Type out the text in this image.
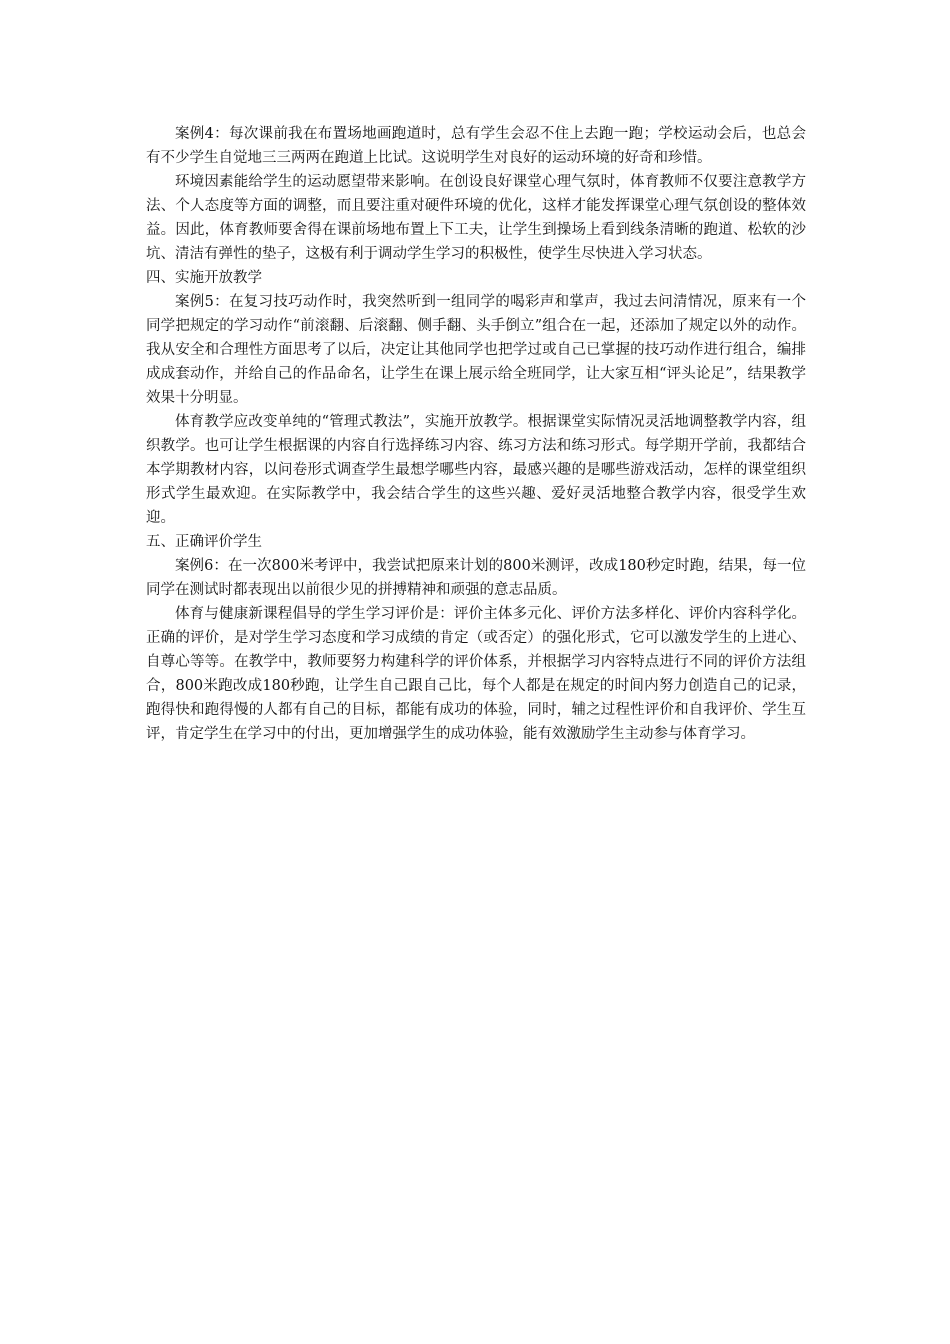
案例4：每次课前我在布置场地画跑道时，总有学生会忍不住上去跑一跑；学校运动会后，也总会有不少学生自觉地三三两两在跑道上比试。这说明学生对良好的运动环境的好奇和珍惜。

环境因素能给学生的运动愿望带来影响。在创设良好课堂心理气氛时，体育教师不仅要注意教学方法、个人态度等方面的调整，而且要注重对硬件环境的优化，这样才能发挥课堂心理气氛创设的整体效益。因此，体育教师要舍得在课前场地布置上下工夫，让学生到操场上看到线条清晰的跑道、松软的沙坑、清洁有弹性的垫子，这极有利于调动学生学习的积极性，使学生尽快进入学习状态。

四、实施开放教学

案例5：在复习技巧动作时，我突然听到一组同学的喝彩声和掌声，我过去问清情况，原来有一个同学把规定的学习动作“前滚翻、后滚翻、侧手翻、头手倒立”组合在一起，还添加了规定以外的动作。我从安全和合理性方面思考了以后，决定让其他同学也把学过或自己已掌握的技巧动作进行组合，编排成成套动作，并给自己的作品命名，让学生在课上展示给全班同学，让大家互相“评头论足”，结果教学效果十分明显。

体育教学应改变单纯的“管理式教法”，实施开放教学。根据课堂实际情况灵活地调整教学内容，组织教学。也可让学生根据课的内容自行选择练习内容、练习方法和练习形式。每学期开学前，我都结合本学期教材内容，以问卷形式调查学生最想学哪些内容，最感兴趣的是哪些游戏活动，怎样的课堂组织形式学生最欢迎。在实际教学中，我会结合学生的这些兴趣、爱好灵活地整合教学内容，很受学生欢迎。

五、正确评价学生

案例6：在一次800米考评中，我尝试把原来计划的800米测评，改成180秒定时跑，结果，每一位同学在测试时都表现出以前很少见的拼搏精神和顽强的意志品质。

体育与健康新课程倡导的学生学习评价是：评价主体多元化、评价方法多样化、评价内容科学化。正确的评价，是对学生学习态度和学习成绩的肯定（或否定）的强化形式，它可以激发学生的上进心、自尊心等等。在教学中，教师要努力构建科学的评价体系，并根据学习内容特点进行不同的评价方法组合，800米跑改成180秒跑，让学生自己跟自己比，每个人都是在规定的时间内努力创造自己的记录，跑得快和跑得慢的人都有自己的目标，都能有成功的体验，同时，辅之过程性评价和自我评价、学生互评，肯定学生在学习中的付出，更加增强学生的成功体验，能有效激励学生主动参与体育学习。
